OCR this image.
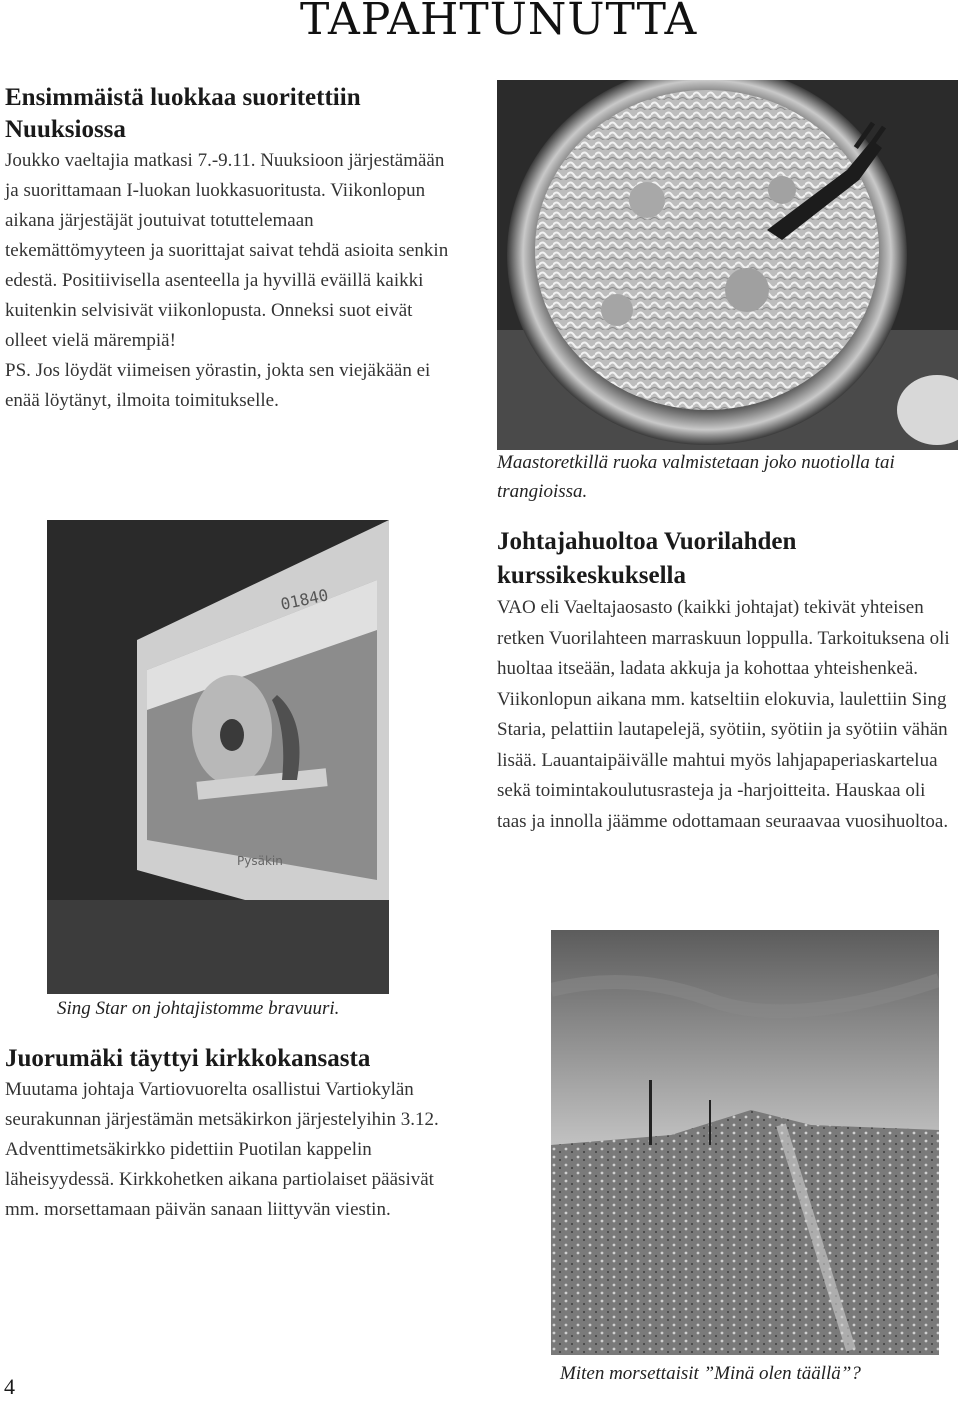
TAPAHTUNUTTA
Ensimmäistä luokkaa suoritettiin Nuuksiossa

Joukko vaeltajia matkasi 7.-9.11. Nuuksioon järjestämään ja suorittamaan I-luokan luokkasuoritusta. Viikonlopun aikana järjestäjät joutuivat totuttelemaan tekemättömyyteen ja suorittajat saivat tehdä asioita senkin edestä. Positiivisella asenteella ja hyvillä eväillä kaikki kuitenkin selvisivät viikonlopusta. Onneksi suot eivät olleet vielä märempiä!

PS. Jos löydät viimeisen yörastin, jokta sen viejäkään ei enää löytänyt, ilmoita toimitukselle.

Maastoretkillä ruoka valmistetaan joko nuotiolla tai trangioissa.
Johtajahuoltoa Vuorilahden kurssikeskuksella

VAO eli Vaeltajaosasto (kaikki johtajat) tekivät yhteisen retken Vuorilahteen marraskuun loppulla. Tarkoituksena oli huoltaa itseään, ladata akkuja ja kohottaa yhteishenkeä.

Viikonlopun aikana mm. katseltiin elokuvia, laulettiin Sing Staria, pelattiin lautapelejä, syötiin, syötiin ja syötiin vähän lisää. Lauantaipäivälle mahtui myös lahjapaperiaskartelua sekä toimintakoulutusrasteja ja -harjoitteita. Hauskaa oli taas ja innolla jäämme odottamaan seuraavaa vuosihuoltoa.

01840
Pysäkin
Sing Star on johtajistomme bravuuri.
Juorumäki täyttyi kirkkokansasta

Muutama johtaja Vartiovuorelta osallistui Vartiokylän seurakunnan järjestämän metsäkirkon järjestelyihin 3.12. Adventtimetsäkirkko pidettiin Puotilan kappelin läheisyydessä. Kirkkohetken aikana partiolaiset pääsivät mm. morsettamaan päivän sanaan liittyvän viestin.

Miten morsettaisit ”Minä olen täällä”?
4
